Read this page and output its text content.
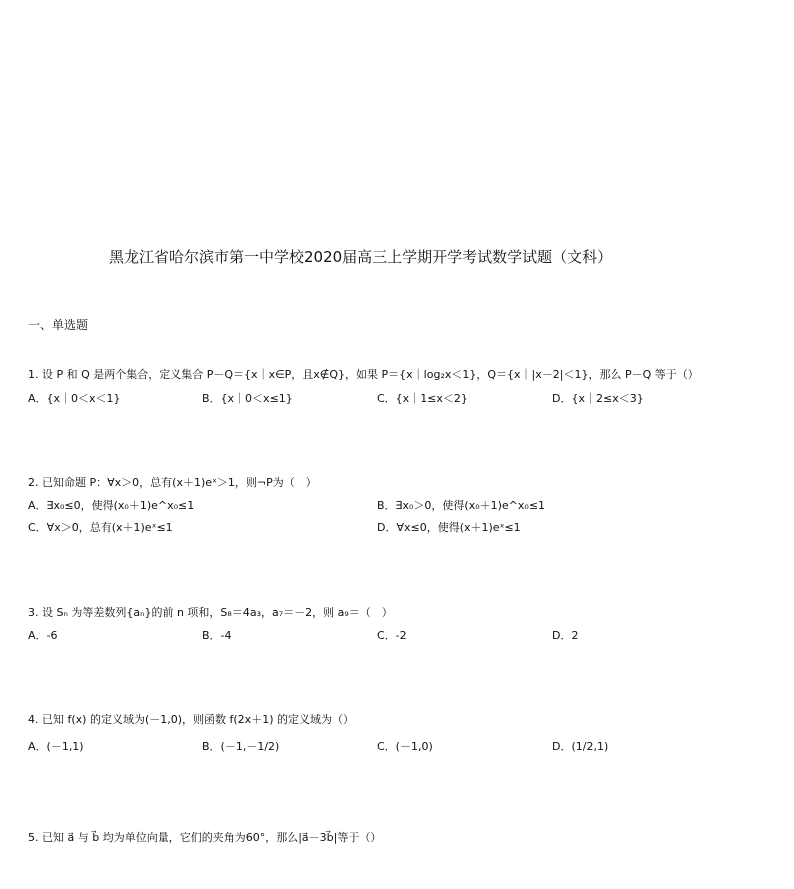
黑龙江省哈尔滨市第一中学校2020届高三上学期开学考试数学试题（文科）
一、单选题
1. 设 P 和 Q 是两个集合，定义集合 P－Q＝{x｜x∈P，且x∉Q}，如果 P＝{x｜log₂x＜1}，Q＝{x｜|x－2|＜1}，那么 P－Q 等于（）
A．{x｜0＜x＜1}	B．{x｜0＜x≤1}	C．{x｜1≤x＜2}	D．{x｜2≤x＜3}
2. 已知命题 P：∀x＞0，总有(x＋1)eˣ＞1，则¬P为（　）
A．∃x₀≤0，使得(x₀＋1)e^x₀≤1	B．∃x₀＞0，使得(x₀＋1)e^x₀≤1
C．∀x＞0，总有(x＋1)eˣ≤1	D．∀x≤0，使得(x＋1)eˣ≤1
3. 设 Sₙ 为等差数列{aₙ}的前 n 项和，S₈＝4a₃，a₇＝－2，则 a₉＝（　）
A．-6	B．-4	C．-2	D．2
4. 已知 f(x) 的定义域为(－1,0)，则函数 f(2x＋1) 的定义域为（）
A．(－1,1)	B．(－1,－1/2)	C．(－1,0)	D．(1/2,1)
5. 已知 a⃗ 与 b⃗ 均为单位向量，它们的夹角为60°，那么|a⃗－3b⃗|等于（）
